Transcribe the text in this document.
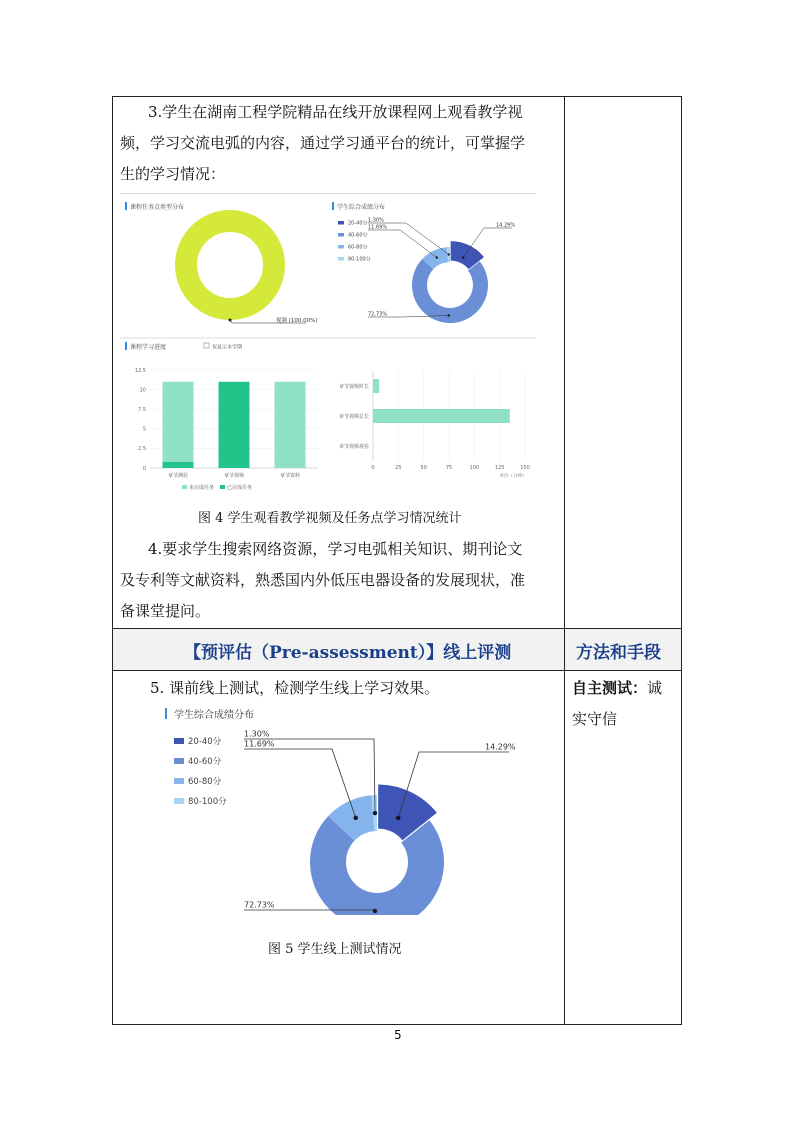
3.学生在湖南工程学院精品在线开放课程网上观看教学视
频，学习交流电弧的内容，通过学习通平台的统计，可掌握学
生的学习情况：
课程任务点类型分布
视频 (100.00%)
学生综合成绩分布
20-40分
40-60分
60-80分
80-100分
14.29%
72.73%
11.69%
1.30%
课程学习进度	仅显示本学期
0
2.5
5
7.5
10
12.5
章节测验	章节视频	章节资料
未完成任务	已完成任务
0	25	50	75	100	125	150
章节视频时长
章节视频总长
章节视频观看
单位（分钟）
图 4 学生观看教学视频及任务点学习情况统计
4.要求学生搜索网络资源，学习电弧相关知识、期刊论文
及专利等文献资料，熟悉国内外低压电器设备的发展现状，准
备课堂提问。
【预评估（Pre-assessment）】线上评测	方法和手段
5. 课前线上测试，检测学生线上学习效果。	自主测试：诚
实守信
学生综合成绩分布
20-40分
40-60分
60-80分
80-100分
14.29%
72.73%
11.69%
1.30%
图 5 学生线上测试情况
5
